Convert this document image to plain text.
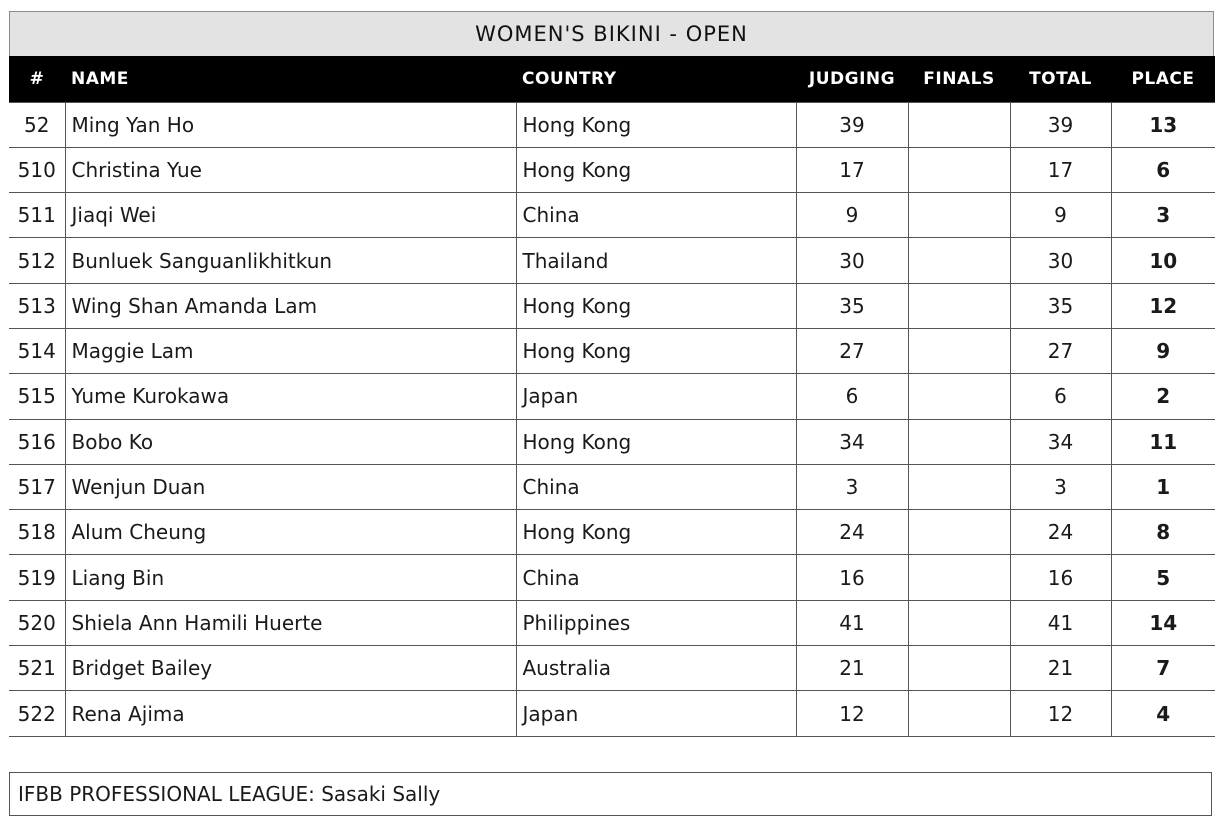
WOMEN'S BIKINI - OPEN
#	NAME	COUNTRY	JUDGING	FINALS	TOTAL	PLACE
52	Ming Yan Ho	Hong Kong	39		39	13
510	Christina Yue	Hong Kong	17		17	6
511	Jiaqi Wei	China	9		9	3
512	Bunluek Sanguanlikhitkun	Thailand	30		30	10
513	Wing Shan Amanda Lam	Hong Kong	35		35	12
514	Maggie Lam	Hong Kong	27		27	9
515	Yume Kurokawa	Japan	6		6	2
516	Bobo Ko	Hong Kong	34		34	11
517	Wenjun Duan	China	3		3	1
518	Alum Cheung	Hong Kong	24		24	8
519	Liang Bin	China	16		16	5
520	Shiela Ann Hamili Huerte	Philippines	41		41	14
521	Bridget Bailey	Australia	21		21	7
522	Rena Ajima	Japan	12		12	4
IFBB PROFESSIONAL LEAGUE: Sasaki Sally
